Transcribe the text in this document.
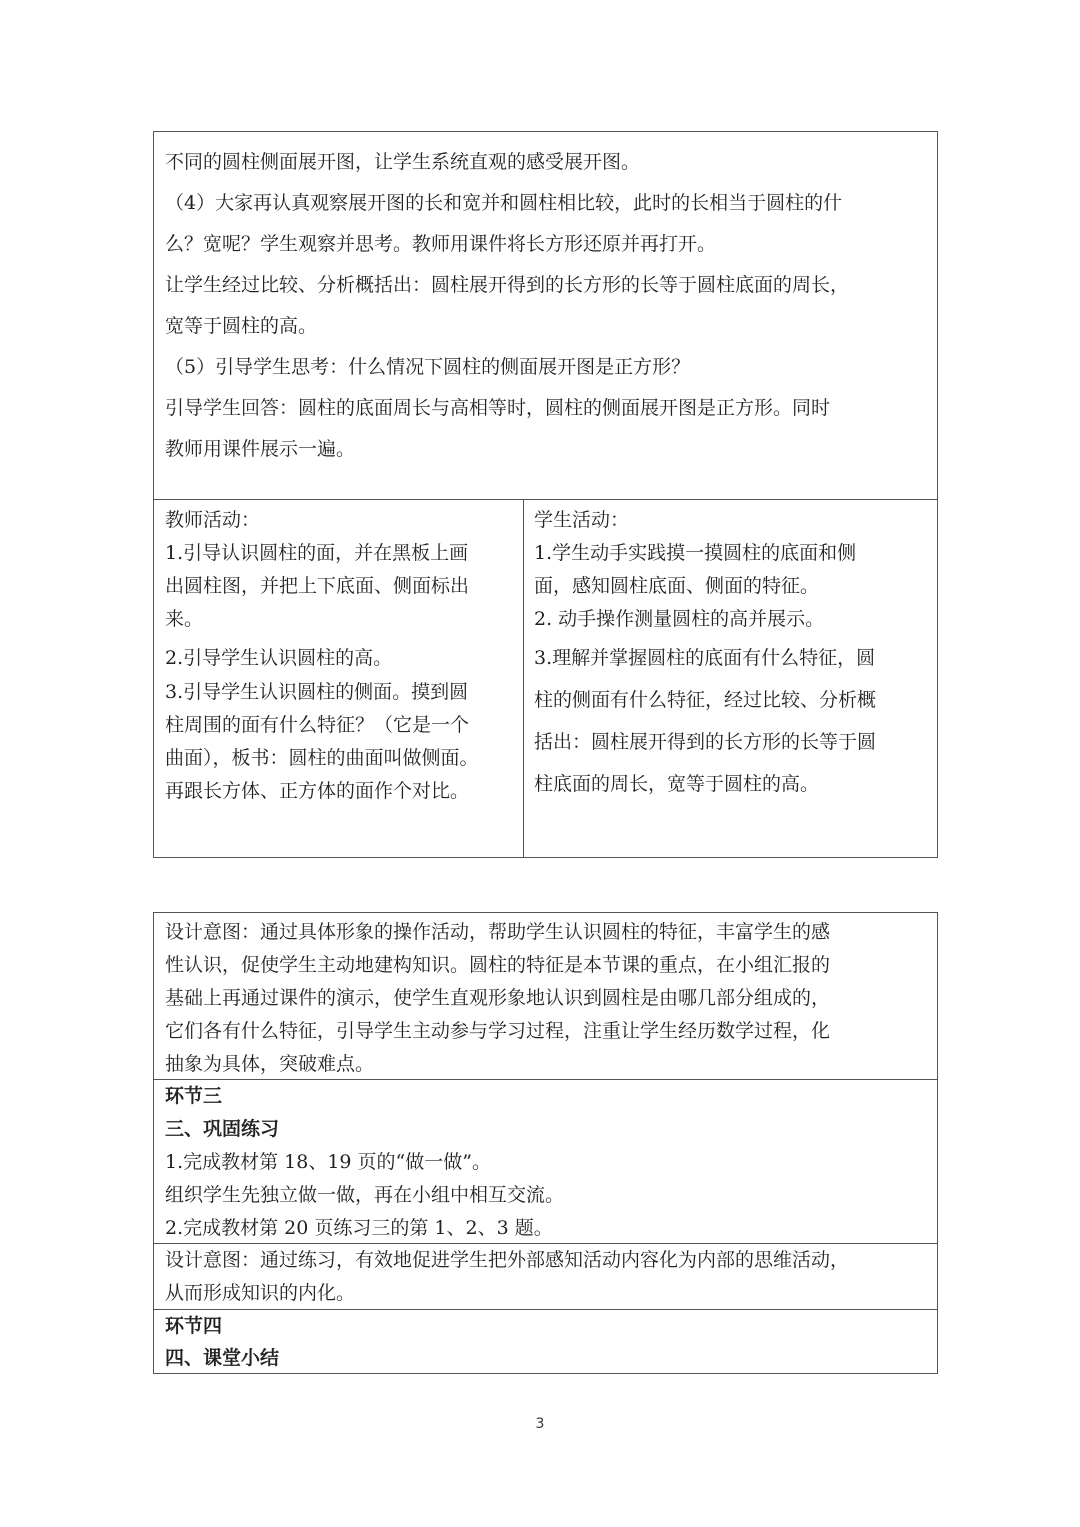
不同的圆柱侧面展开图，让学生系统直观的感受展开图。

（4）大家再认真观察展开图的长和宽并和圆柱相比较，此时的长相当于圆柱的什

么？宽呢？学生观察并思考。教师用课件将长方形还原并再打开。

让学生经过比较、分析概括出：圆柱展开得到的长方形的长等于圆柱底面的周长，

宽等于圆柱的高。

（5）引导学生思考：什么情况下圆柱的侧面展开图是正方形？

引导学生回答：圆柱的底面周长与高相等时，圆柱的侧面展开图是正方形。同时

教师用课件展示一遍。

教师活动：

1.引导认识圆柱的面，并在黑板上画

出圆柱图，并把上下底面、侧面标出

来。

2.引导学生认识圆柱的高。

3.引导学生认识圆柱的侧面。摸到圆

柱周围的面有什么特征？（它是一个

曲面），板书：圆柱的曲面叫做侧面。

再跟长方体、正方体的面作个对比。

学生活动：

1.学生动手实践摸一摸圆柱的底面和侧

面，感知圆柱底面、侧面的特征。

2. 动手操作测量圆柱的高并展示。

3.理解并掌握圆柱的底面有什么特征，圆

柱的侧面有什么特征，经过比较、分析概

括出：圆柱展开得到的长方形的长等于圆

柱底面的周长，宽等于圆柱的高。

设计意图：通过具体形象的操作活动，帮助学生认识圆柱的特征，丰富学生的感

性认识，促使学生主动地建构知识。圆柱的特征是本节课的重点，在小组汇报的

基础上再通过课件的演示，使学生直观形象地认识到圆柱是由哪几部分组成的，

它们各有什么特征，引导学生主动参与学习过程，注重让学生经历数学过程，化

抽象为具体，突破难点。

环节三

三、巩固练习

1.完成教材第 18、19 页的“做一做”。

组织学生先独立做一做，再在小组中相互交流。

2.完成教材第 20 页练习三的第 1、2、3 题。

设计意图：通过练习，有效地促进学生把外部感知活动内容化为内部的思维活动，

从而形成知识的内化。

环节四

四、课堂小结

3
